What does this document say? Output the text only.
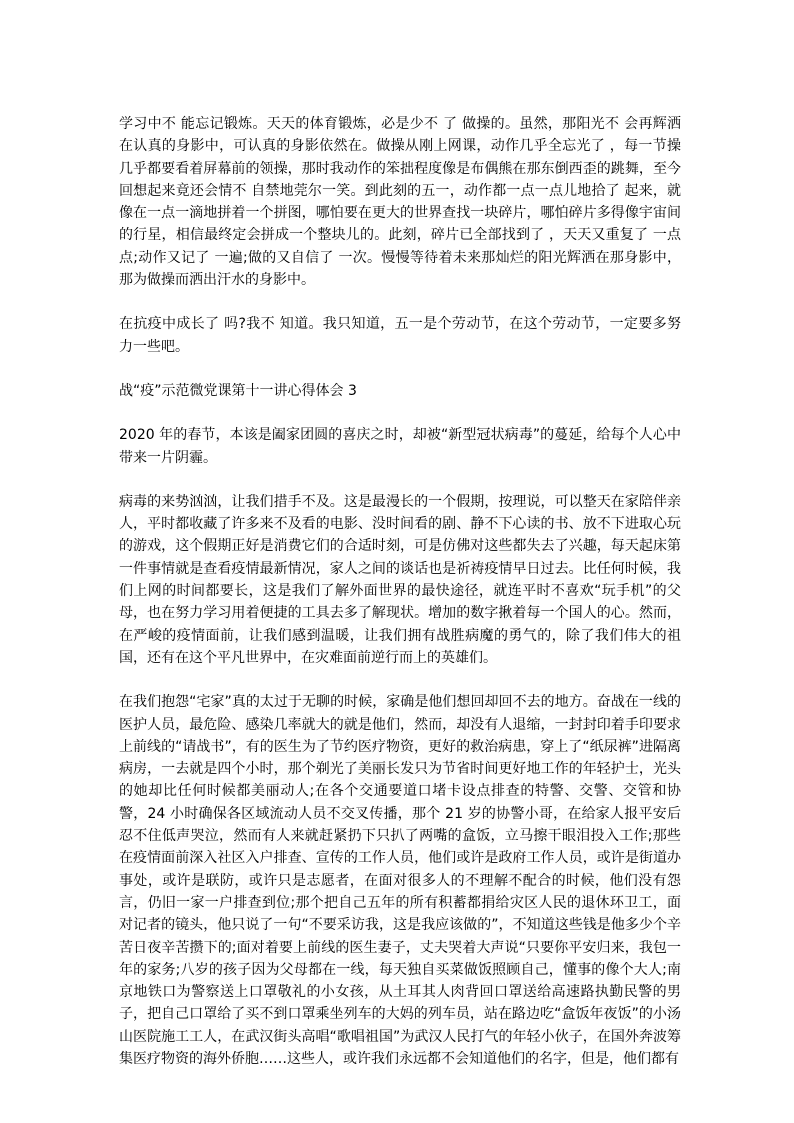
学习中不 能忘记锻炼。天天的体育锻炼，必是少不 了 做操的。虽然，那阳光不 会再辉洒在认真的身影中，可认真的身影依然在。做操从刚上网课，动作几乎全忘光了 ，每一节操几乎都要看着屏幕前的领操，那时我动作的笨拙程度像是布偶熊在那东倒西歪的跳舞，至今回想起来竟还会情不 自禁地莞尔一笑。到此刻的五一，动作都一点一点儿地拾了 起来，就像在一点一滴地拼着一个拼图，哪怕要在更大的世界查找一块碎片，哪怕碎片多得像宇宙间的行星，相信最终定会拼成一个整块儿的。此刻，碎片已全部找到了 ，天天又重复了 一点点;动作又记了 一遍;做的又自信了 一次。慢慢等待着未来那灿烂的阳光辉洒在那身影中，那为做操而洒出汗水的身影中。

在抗疫中成长了 吗?我不 知道。我只知道，五一是个劳动节，在这个劳动节，一定要多努力一些吧。

战“疫”示范微党课第十一讲心得体会 3

2020 年的春节，本该是阖家团圆的喜庆之时，却被“新型冠状病毒”的蔓延，给每个人心中带来一片阴霾。

病毒的来势汹汹，让我们措手不及。这是最漫长的一个假期，按理说，可以整天在家陪伴亲人，平时都收藏了许多来不及看的电影、没时间看的剧、静不下心读的书、放不下进取心玩的游戏，这个假期正好是消费它们的合适时刻，可是仿佛对这些都失去了兴趣，每天起床第一件事情就是查看疫情最新情况，家人之间的谈话也是祈祷疫情早日过去。比任何时候，我们上网的时间都要长，这是我们了解外面世界的最快途径，就连平时不喜欢“玩手机”的父母，也在努力学习用着便捷的工具去多了解现状。增加的数字揪着每一个国人的心。然而，在严峻的疫情面前，让我们感到温暖，让我们拥有战胜病魔的勇气的，除了我们伟大的祖国，还有在这个平凡世界中，在灾难面前逆行而上的英雄们。

在我们抱怨“宅家”真的太过于无聊的时候，家确是他们想回却回不去的地方。奋战在一线的医护人员，最危险、感染几率就大的就是他们，然而，却没有人退缩，一封封印着手印要求上前线的“请战书”，有的医生为了节约医疗物资，更好的救治病患，穿上了“纸尿裤”进隔离病房，一去就是四个小时，那个剃光了美丽长发只为节省时间更好地工作的年轻护士，光头的她却比任何时候都美丽动人;在各个交通要道口堵卡设点排查的特警、交警、交管和协警，24 小时确保各区域流动人员不交叉传播，那个 21 岁的协警小哥，在给家人报平安后忍不住低声哭泣，然而有人来就赶紧扔下只扒了两嘴的盒饭，立马擦干眼泪投入工作;那些在疫情面前深入社区入户排查、宣传的工作人员，他们或许是政府工作人员，或许是街道办事处，或许是联防，或许只是志愿者，在面对很多人的不理解不配合的时候，他们没有怨言，仍旧一家一户排查到位;那个把自己五年的所有积蓄都捐给灾区人民的退休环卫工，面对记者的镜头，他只说了一句“不要采访我，这是我应该做的”，不知道这些钱是他多少个辛苦日夜辛苦攒下的;面对着要上前线的医生妻子，丈夫哭着大声说“只要你平安归来，我包一年的家务;八岁的孩子因为父母都在一线，每天独自买菜做饭照顾自己，懂事的像个大人;南京地铁口为警察送上口罩敬礼的小女孩，从土耳其人肉背回口罩送给高速路执勤民警的男子，把自己口罩给了买不到口罩乘坐列车的大妈的列车员，站在路边吃“盒饭年夜饭”的小汤山医院施工工人，在武汉街头高唱“歌唱祖国”为武汉人民打气的年轻小伙子，在国外奔波筹集医疗物资的海外侨胞……这些人，或许我们永远都不会知道他们的名字，但是，他们都有
